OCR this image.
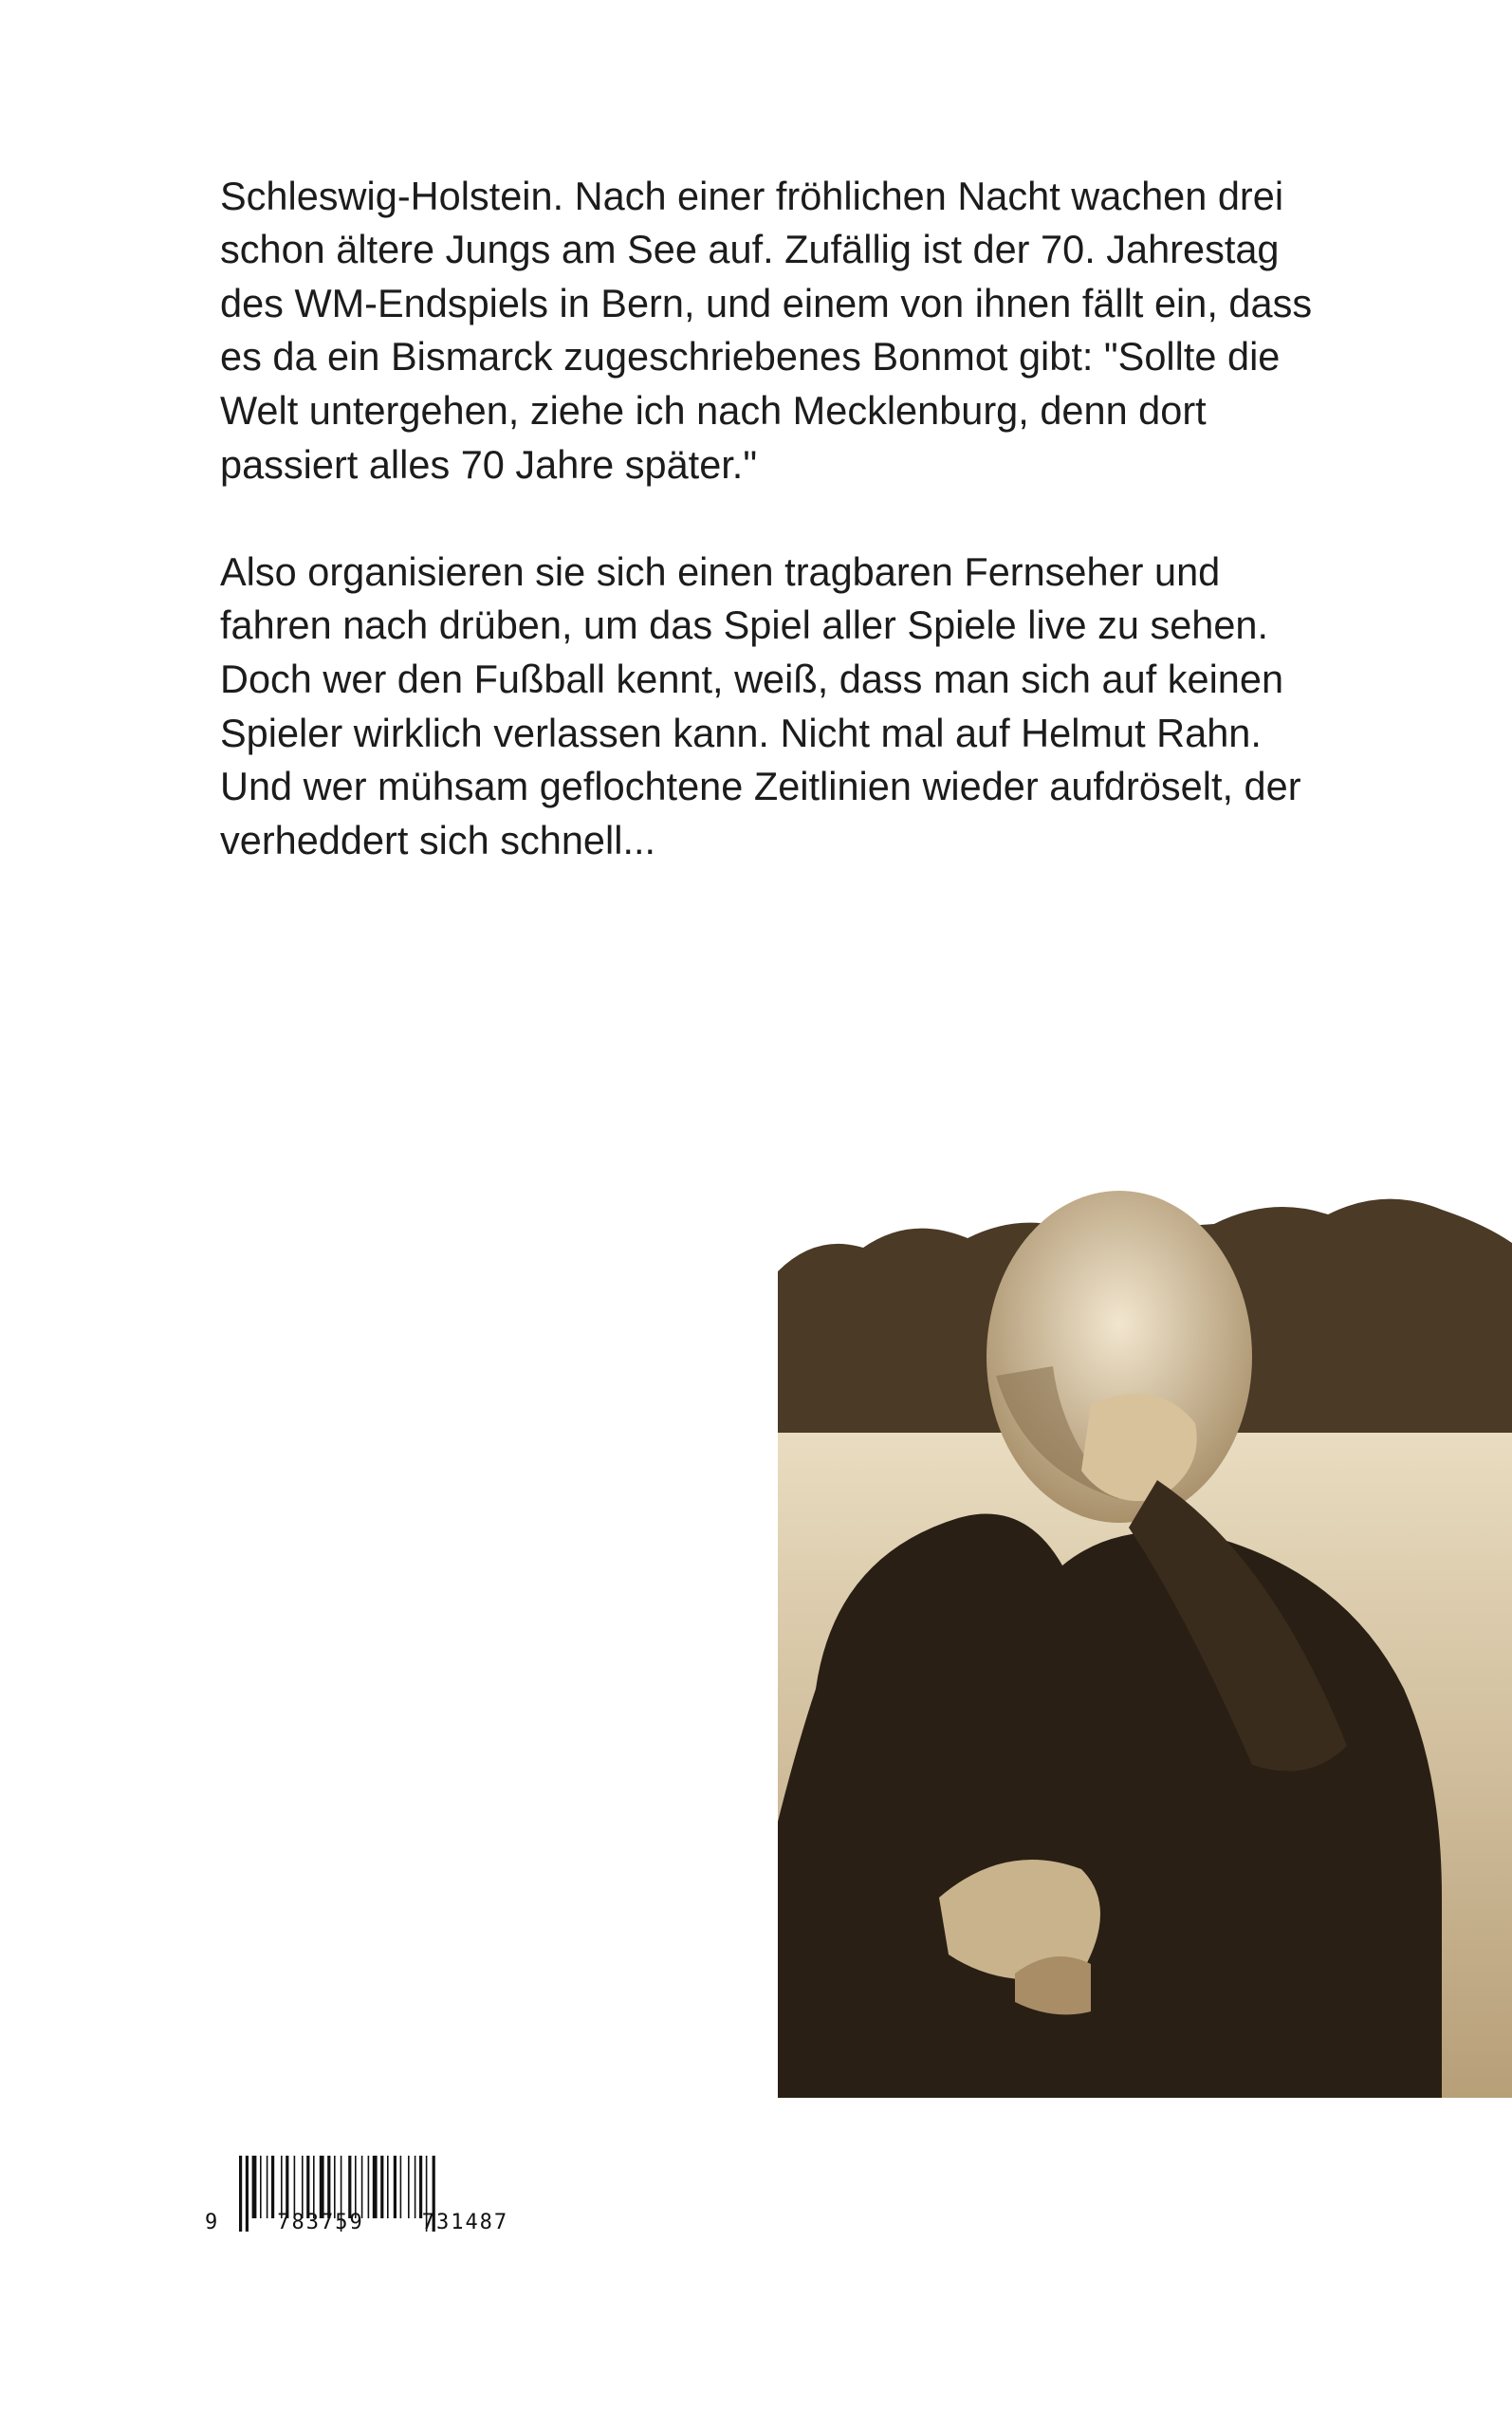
Schleswig-Holstein. Nach einer fröhlichen Nacht wachen drei schon ältere Jungs am See auf. Zufällig ist der 70. Jahrestag des WM-Endspiels in Bern, und einem von ihnen fällt ein, dass es da ein Bismarck zugeschriebenes Bonmot gibt: "Sollte die Welt untergehen, ziehe ich nach Mecklenburg, denn dort passiert alles 70 Jahre später."

Also organisieren sie sich einen tragbaren Fernseher und fahren nach drüben, um das Spiel aller Spiele live zu sehen. Doch wer den Fußball kennt, weiß, dass man sich auf keinen Spieler wirklich verlassen kann. Nicht mal auf Helmut Rahn. Und wer mühsam geflochtene Zeitlinien wieder aufdröselt, der verheddert sich schnell...

9	783759	731487
